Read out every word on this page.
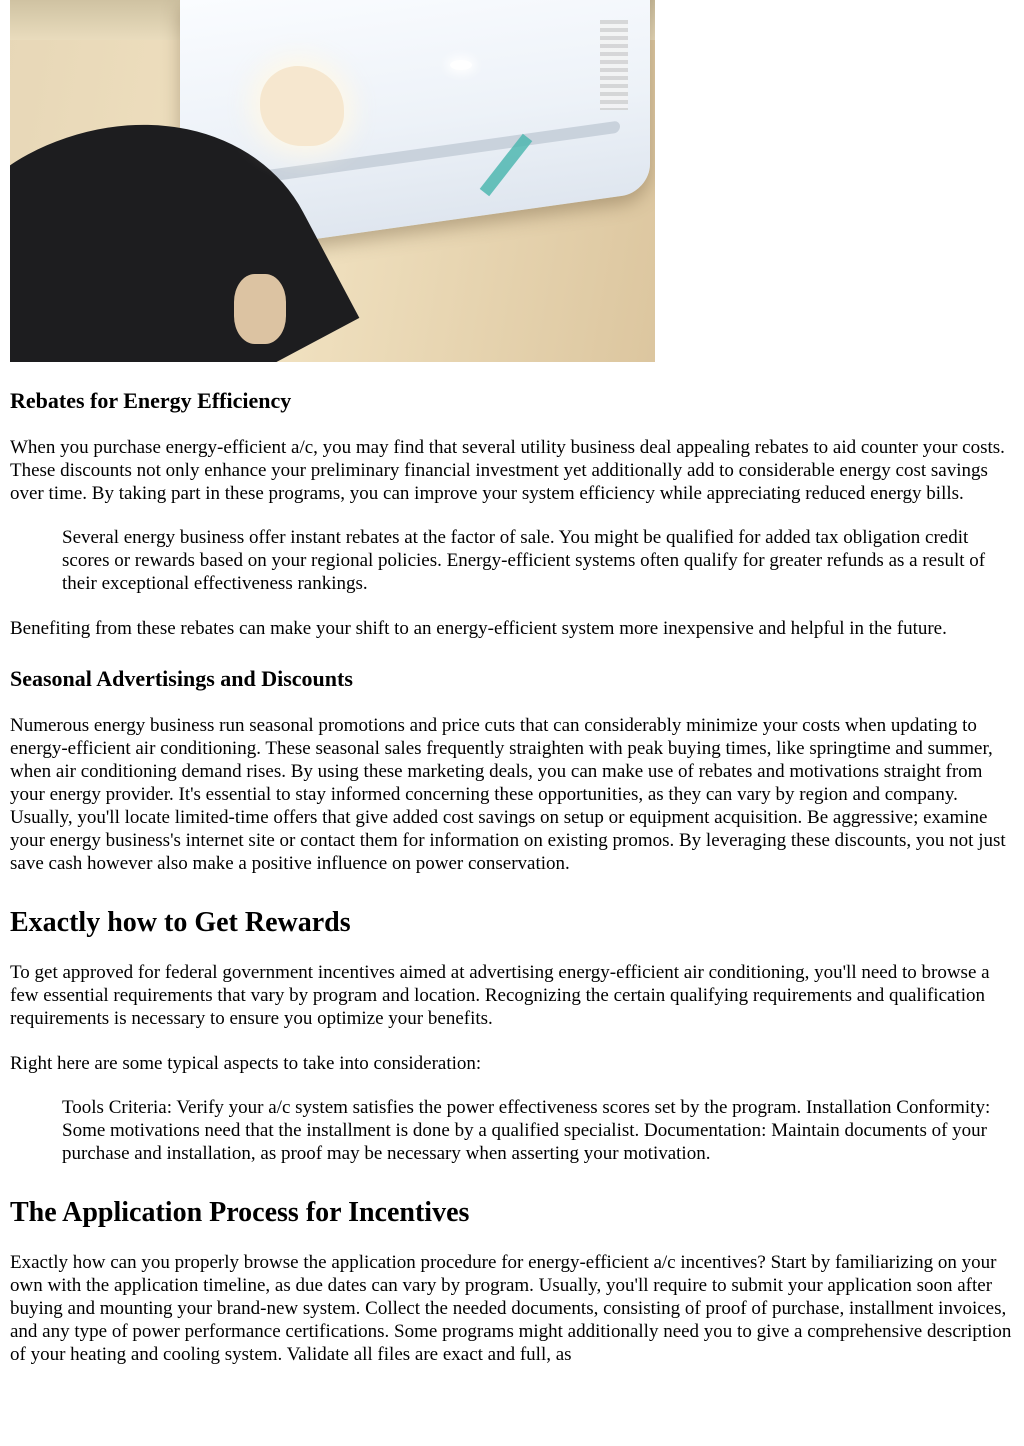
Rebates for Energy Efficiency

When you purchase energy-efficient a/c, you may find that several utility business deal appealing rebates to aid counter your costs. These discounts not only enhance your preliminary financial investment yet additionally add to considerable energy cost savings over time. By taking part in these programs, you can improve your system efficiency while appreciating reduced energy bills.

Several energy business offer instant rebates at the factor of sale. You might be qualified for added tax obligation credit scores or rewards based on your regional policies. Energy-efficient systems often qualify for greater refunds as a result of their exceptional effectiveness rankings.

Benefiting from these rebates can make your shift to an energy-efficient system more inexpensive and helpful in the future.

Seasonal Advertisings and Discounts

Numerous energy business run seasonal promotions and price cuts that can considerably minimize your costs when updating to energy-efficient air conditioning. These seasonal sales frequently straighten with peak buying times, like springtime and summer, when air conditioning demand rises. By using these marketing deals, you can make use of rebates and motivations straight from your energy provider. It's essential to stay informed concerning these opportunities, as they can vary by region and company. Usually, you'll locate limited-time offers that give added cost savings on setup or equipment acquisition. Be aggressive; examine your energy business's internet site or contact them for information on existing promos. By leveraging these discounts, you not just save cash however also make a positive influence on power conservation.

Exactly how to Get Rewards

To get approved for federal government incentives aimed at advertising energy-efficient air conditioning, you'll need to browse a few essential requirements that vary by program and location. Recognizing the certain qualifying requirements and qualification requirements is necessary to ensure you optimize your benefits.

Right here are some typical aspects to take into consideration:

Tools Criteria: Verify your a/c system satisfies the power effectiveness scores set by the program. Installation Conformity: Some motivations need that the installment is done by a qualified specialist. Documentation: Maintain documents of your purchase and installation, as proof may be necessary when asserting your motivation.
The Application Process for Incentives

Exactly how can you properly browse the application procedure for energy-efficient a/c incentives? Start by familiarizing on your own with the application timeline, as due dates can vary by program. Usually, you'll require to submit your application soon after buying and mounting your brand-new system. Collect the needed documents, consisting of proof of purchase, installment invoices, and any type of power performance certifications. Some programs might additionally need you to give a comprehensive description of your heating and cooling system. Validate all files are exact and full, as
